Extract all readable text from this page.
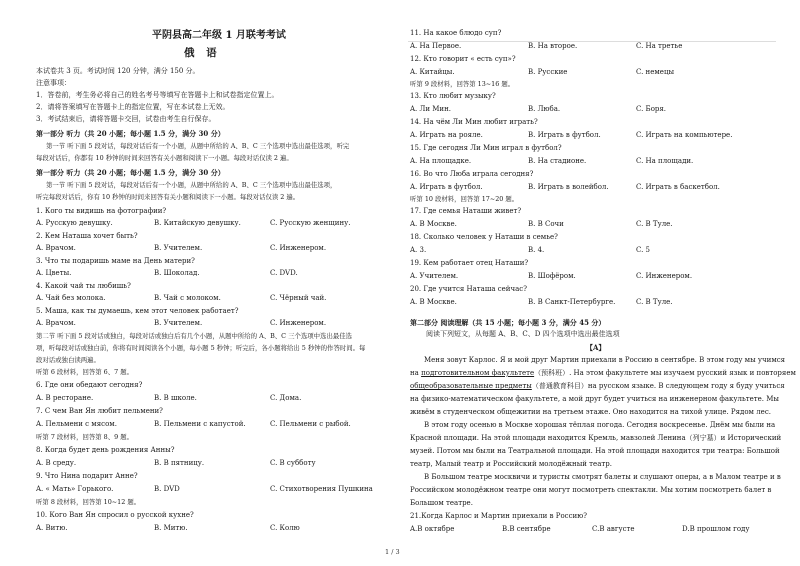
平阴县高二年级 1 月联考考试
俄 语
本试卷共 3 页。考试时间 120 分钟，满分 150 分。
注意事项：
1．答卷前，考生务必将自己的姓名考号等填写在答题卡上和试卷指定位置上。
2．请将答案填写在答题卡上的指定位置，写在本试卷上无效。
3．考试结束后，请将答题卡交回，试卷由考生自行保存。
第一部分 听力（共 20 小题；每小题 1.5 分，满分 30 分）
第一节 听下面 5 段对话，每段对话后有一个小题，从题中所给的 A、B、C 三个选项中选出最佳选项，听完
每段对话后，你都有 10 秒钟的时间来回答有关小题和阅读下一小题。每段对话仅读 2 遍。
第一部分 听力（共 20 小题；每小题 1.5 分，满分 30 分）
第一节 听下面 5 段对话，每段对话后有一个小题，从题中所给的 A、B、C 三个选项中选出最佳选项，
听完每段对话后，你有 10 秒钟的时间来回答有关小题和阅读下一小题。每段对话仅读 2 遍。
1. Кого ты видишь на фотографии?
A. Русскую девушку.	B. Китайскую девушку.	C. Русскую женщину.
2. Кем Наташа хочет быть?
A. Врачом.	B. Учителем.	C. Инженером.
3. Что ты подаришь маме на День матери?
A. Цветы.	B. Шоколад.	C. DVD.
4. Какой чай ты любишь?
A. Чай без молока.	B. Чай с молоком.	C. Чёрный чай.
5. Маша, как ты думаешь, кем этот человек работает?
A. Врачом.	B. Учителем.	C. Инженером.
第二节 听下面 5 段对话或独白，每段对话或独白后有几个小题，从题中所给的 A、B、C 三个选项中选出最佳选
项，听每段对话或独白前，你将有时间阅读各个小题，每小题 5 秒钟；听完后，各小题将给出 5 秒钟的作答时间。每
段对话或独白读两遍。
听第 6 段材料，回答第 6、7 题。
6. Где они обедают сегодня?
A. В ресторане.	B. В школе.	C. Дома.
7. С чем Ван Ян любит пельмени?
A. Пельмени с мясом.	B. Пельмени с капустой.	C. Пельмени с рыбой.
听第 7 段材料，回答第 8、9 题。
8. Когда будет день рождения Анны?
A. В среду.	B. В пятницу.	C. В субботу
9. Что Нина подарит Анне?
A. « Мать» Горького.	B. DVD	C. Стихотворения Пушкина
听第 8 段材料，回答第 10~12 题。
10. Кого Ван Ян спросил о русской кухне?
A. Витю.	B. Митю.	C. Колю
11. На какое блюдо суп?
A. На Первое.	B. На второе.	C. На третье
12. Кто говорит « есть суп»?
A. Китайцы.	B. Русские	C. немецы
听第 9 段材料，回答第 13~16 题。
13. Кто любит музыку?
A. Ли Мин.	B. Люба.	C. Боря.
14. На чём Ли Мин любит играть?
A. Играть на рояле.	B. Играть в футбол.	C. Играть на компьютере.
15. Где сегодня Ли Мин играл в футбол?
A. На площадке.	B. На стадионе.	C. На площади.
16. Во что Люба играла сегодня?
A. Играть в футбол.	B. Играть в волейбол.	C. Играть в баскетбол.
听第 10 段材料，回答第 17~20 题。
17. Где семья Наташи живет?
A. В Москве.	B. В Сочи	C. В Туле.
18. Сколько человек у Наташи в семье?
A. 3.	B. 4.	C. 5
19. Кем работает отец Наташи?
A. Учителем.	B. Шофёром.	C. Инженером.
20. Где учится Наташа сейчас?
A. В Москве.	B. В Санкт-Петербурге.	C. В Туле.
第二部分 阅读理解（共 15 小题；每小题 3 分，满分 45 分）
阅读下列短文，从每题 A、B、C、D 四个选项中选出最佳选项
【A】
Меня зовут Карлос. Я и мой друг Мартин приехали в Россию в сентябре. В этом году мы учимся
на подготовительном факультете（预科班）. На этом факультете мы изучаем русский язык и повторяем
общеобразовательные предметы（普通教育科目）на русском языке. В следующем году я буду учиться
на физико-математическом факультете, а мой друг будет учиться на инженерном факультете. Мы
живём в студенческом общежитии на третьем этаже. Оно находится на тихой улице. Рядом лес.
В этом году осенью в Москве хорошая тёплая погода. Сегодня воскресенье. Днём мы были на
Красной площади. На этой площади находится Кремль, мавзолей Ленина（列宁墓）и Исторический
музей. Потом мы были на Театральной площади. На этой площади находится три театра: Большой
театр, Малый театр и Российский молодёжный театр.
В Большом театре москвичи и туристы смотрят балеты и слушают оперы, а в Малом театре и в
Российском молодёжном театре они могут посмотреть спектакли. Мы хотим посмотреть балет в
Большом театре.
21.Когда Карлос и Мартин приехали в Россию?
A.В октябре	B.В сентябре	C.В августе	D.В прошлом году
1 / 3
